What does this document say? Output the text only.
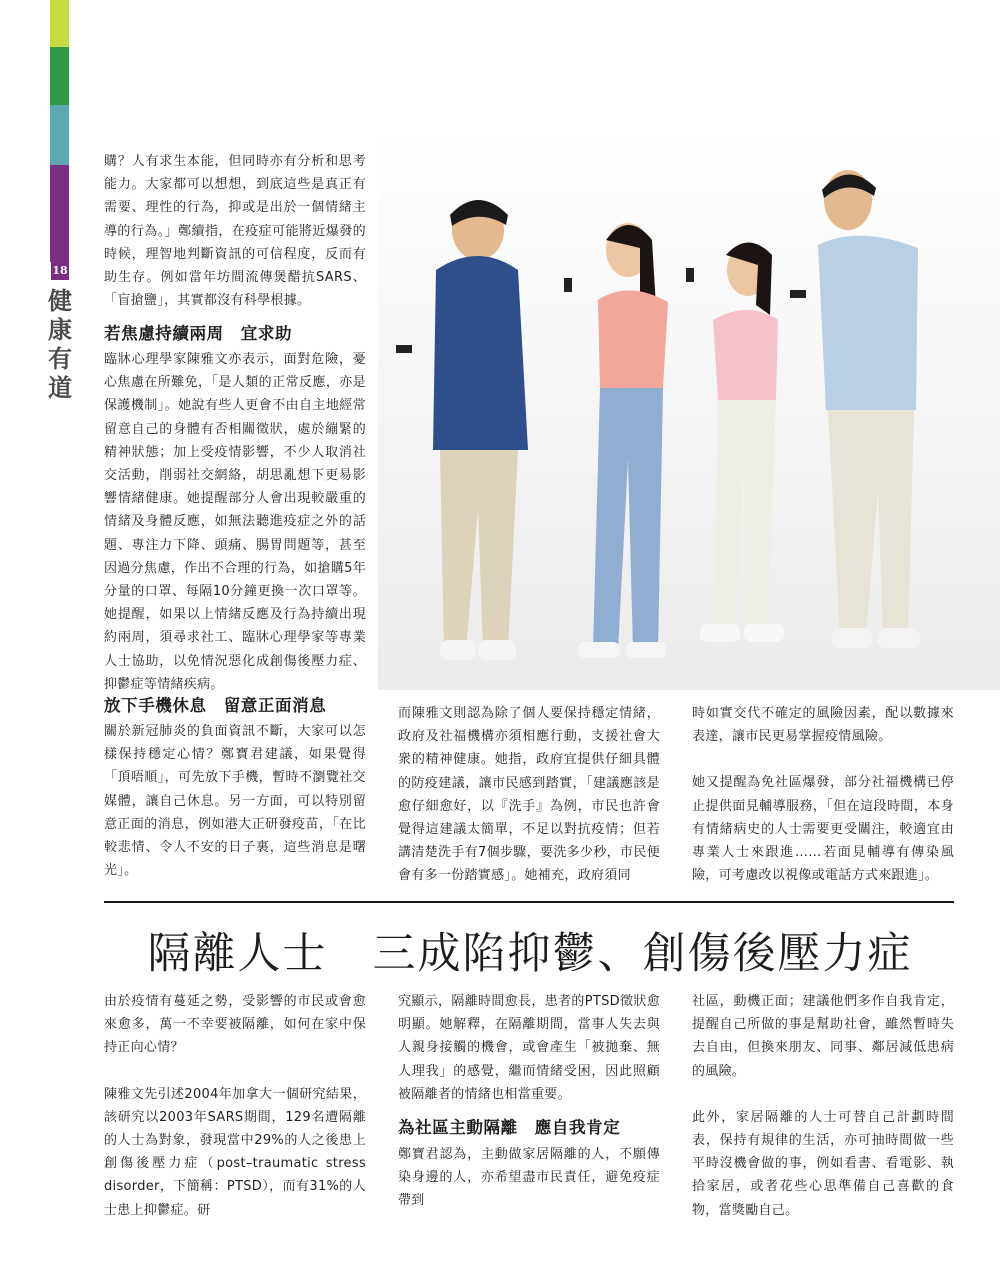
18
健
康
有
道

購？人有求生本能，但同時亦有分析和思考能力。大家都可以想想，到底這些是真正有需要、理性的行為，抑或是出於一個情緒主導的行為。」鄭續指，在疫症可能將近爆發的時候，理智地判斷資訊的可信程度，反而有助生存。例如當年坊間流傳煲醋抗SARS、「盲搶鹽」，其實都沒有科學根據。

若焦慮持續兩周　宜求助

臨牀心理學家陳雅文亦表示，面對危險，憂心焦慮在所難免，「是人類的正常反應，亦是保護機制」。她說有些人更會不由自主地經常留意自己的身體有否相關徵狀，處於繃緊的精神狀態；加上受疫情影響，不少人取消社交活動，削弱社交網絡，胡思亂想下更易影響情緒健康。她提醒部分人會出現較嚴重的情緒及身體反應，如無法聽進疫症之外的話題、專注力下降、頭痛、腸胃問題等，甚至因過分焦慮，作出不合理的行為，如搶購5年分量的口罩、每隔10分鐘更換一次口罩等。她提醒，如果以上情緒反應及行為持續出現約兩周，須尋求社工、臨牀心理學家等專業人士協助，以免情況惡化成創傷後壓力症、抑鬱症等情緒疾病。

放下手機休息　留意正面消息

關於新冠肺炎的負面資訊不斷，大家可以怎樣保持穩定心情？鄭寶君建議，如果覺得「頂唔順」，可先放下手機，暫時不瀏覽社交媒體，讓自己休息。另一方面，可以特別留意正面的消息，例如港大正研發疫苗，「在比較悲情、令人不安的日子裏，這些消息是曙光」。

而陳雅文則認為除了個人要保持穩定情緒，政府及社福機構亦須相應行動，支援社會大衆的精神健康。她指，政府宜提供仔細具體的防疫建議，讓市民感到踏實，「建議應該是愈仔細愈好，以『洗手』為例，市民也許會覺得這建議太簡單，不足以對抗疫情；但若講清楚洗手有7個步驟，要洗多少秒，市民便會有多一份踏實感」。她補充，政府須同

時如實交代不確定的風險因素，配以數據來表達，讓市民更易掌握疫情風險。

她又提醒為免社區爆發，部分社福機構已停止提供面見輔導服務，「但在這段時間，本身有情緒病史的人士需要更受關注，較適宜由專業人士來跟進……若面見輔導有傳染風險，可考慮改以視像或電話方式來跟進」。

隔離人士　三成陷抑鬱、創傷後壓力症

由於疫情有蔓延之勢，受影響的市民或會愈來愈多，萬一不幸要被隔離，如何在家中保持正向心情？

陳雅文先引述2004年加拿大一個研究結果，該研究以2003年SARS期間，129名遭隔離的人士為對象，發現當中29%的人之後患上創傷後壓力症（post–traumatic stress disorder，下簡稱：PTSD），而有31%的人士患上抑鬱症。研

究顯示，隔離時間愈長，患者的PTSD徵狀愈明顯。她解釋，在隔離期間，當事人失去與人親身接觸的機會，或會產生「被拋棄、無人理我」的感覺，繼而情緒受困，因此照顧被隔離者的情緒也相當重要。

為社區主動隔離　應自我肯定

鄭寶君認為，主動做家居隔離的人，不願傳染身邊的人，亦希望盡市民責任，避免疫症帶到

社區，動機正面；建議他們多作自我肯定，提醒自己所做的事是幫助社會，雖然暫時失去自由，但換來朋友、同事、鄰居減低患病的風險。

此外，家居隔離的人士可替自己計劃時間表，保持有規律的生活，亦可抽時間做一些平時沒機會做的事，例如看書、看電影、執拾家居，或者花些心思準備自己喜歡的食物，當獎勵自己。
